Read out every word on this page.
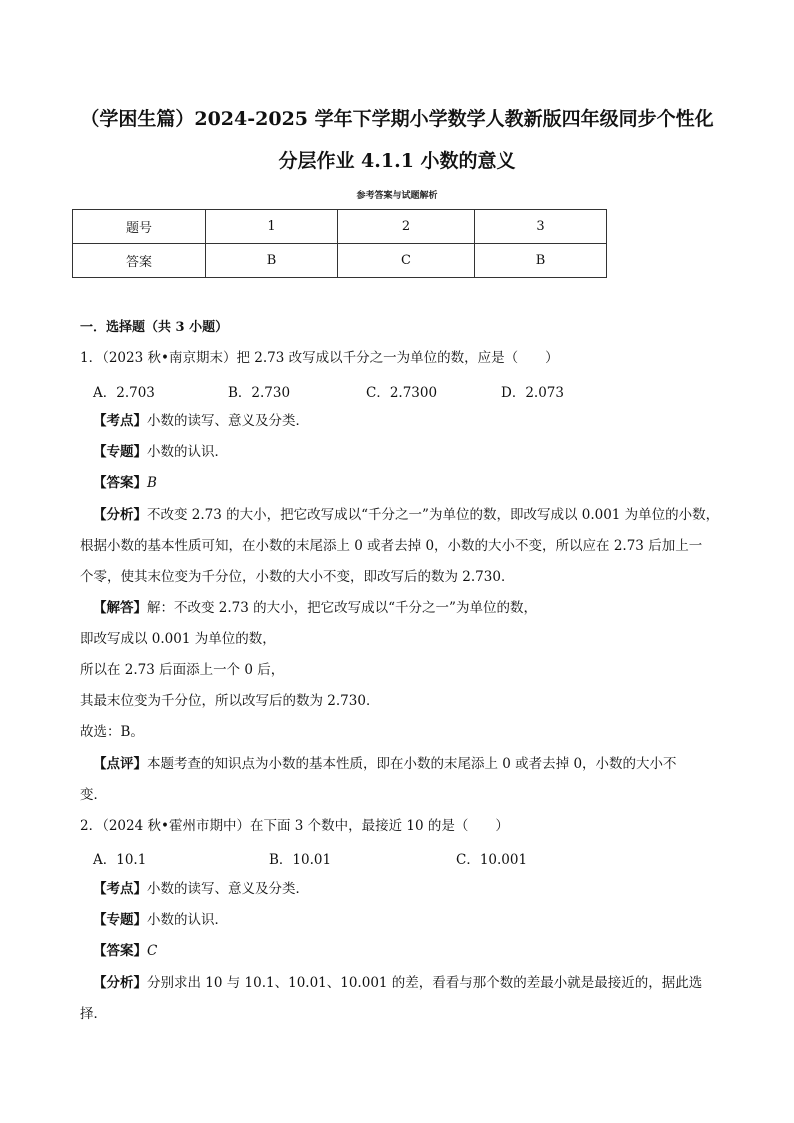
（学困生篇）2024-2025 学年下学期小学数学人教新版四年级同步个性化
分层作业 4.1.1 小数的意义
参考答案与试题解析
题号	1	2	3
答案	B	C	B
一．选择题（共 3 小题）
1．（2023 秋•南京期末）把 2.73 改写成以千分之一为单位的数，应是（　　）
A．2.703	B．2.730	C．2.7300	D．2.073
【考点】小数的读写、意义及分类．
【专题】小数的认识．
【答案】B
【分析】不改变 2.73 的大小，把它改写成以“千分之一”为单位的数，即改写成以 0.001 为单位的小数，
根据小数的基本性质可知，在小数的末尾添上 0 或者去掉 0，小数的大小不变，所以应在 2.73 后加上一
个零，使其末位变为千分位，小数的大小不变，即改写后的数为 2.730．
【解答】解：不改变 2.73 的大小，把它改写成以“千分之一”为单位的数，
即改写成以 0.001 为单位的数，
所以在 2.73 后面添上一个 0 后，
其最末位变为千分位，所以改写后的数为 2.730．
故选：B。
【点评】本题考查的知识点为小数的基本性质，即在小数的末尾添上 0 或者去掉 0，小数的大小不
变．
2．（2024 秋•霍州市期中）在下面 3 个数中，最接近 10 的是（　　）
A．10.1	B．10.01	C．10.001
【考点】小数的读写、意义及分类．
【专题】小数的认识．
【答案】C
【分析】分别求出 10 与 10.1、10.01、10.001 的差，看看与那个数的差最小就是最接近的，据此选
择．
